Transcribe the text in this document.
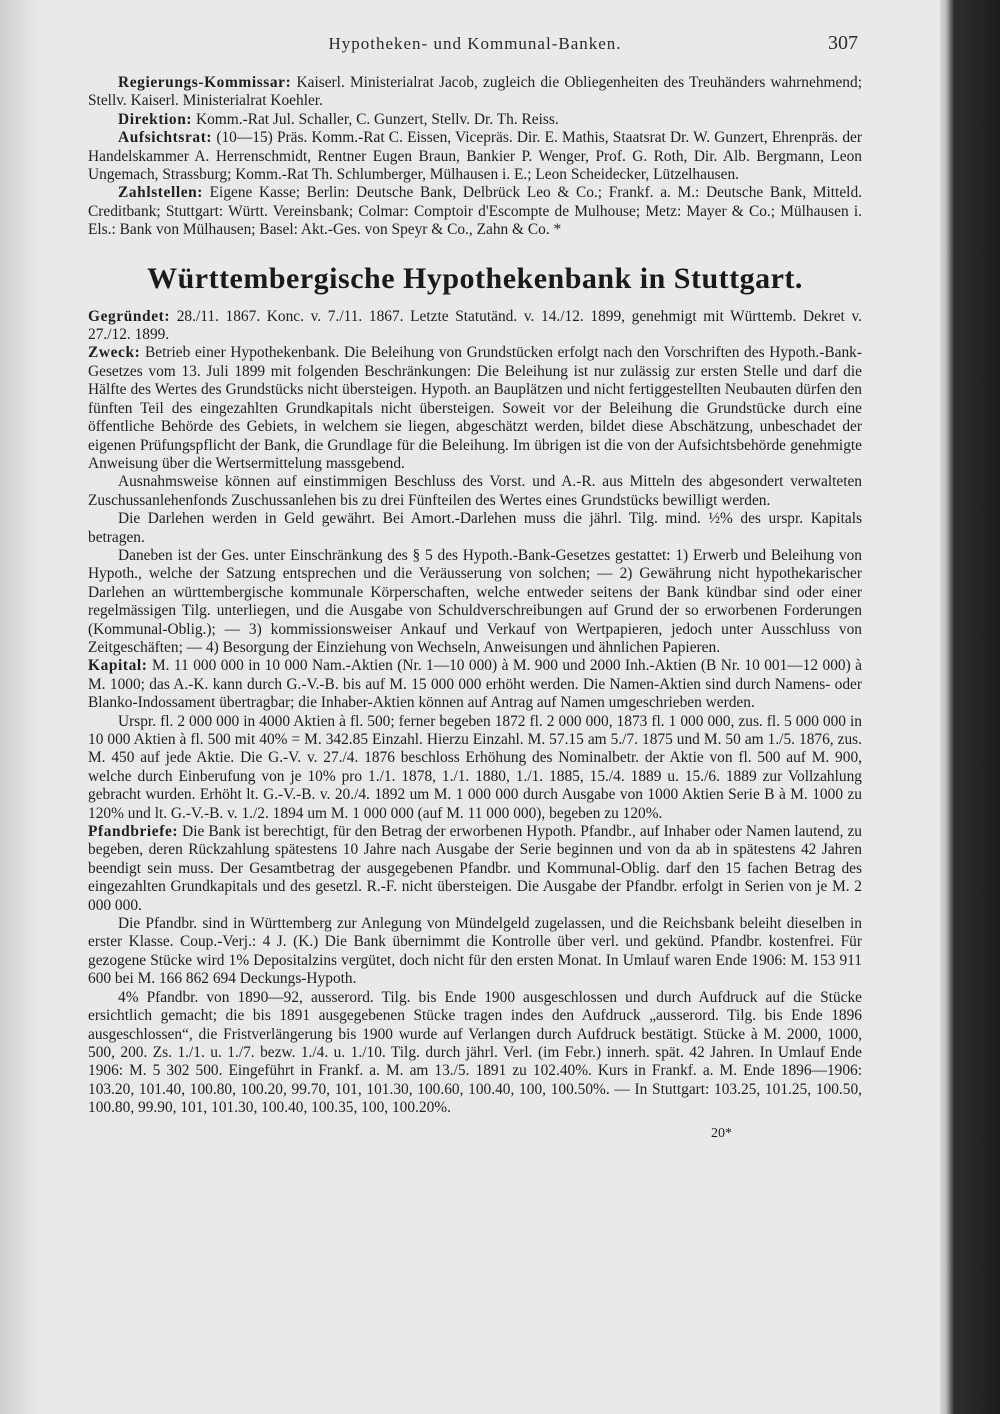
Hypotheken- und Kommunal-Banken.	307

Regierungs-Kommissar: Kaiserl. Ministerialrat Jacob, zugleich die Obliegenheiten des Treuhänders wahrnehmend; Stellv. Kaiserl. Ministerialrat Koehler.

Direktion: Komm.-Rat Jul. Schaller, C. Gunzert, Stellv. Dr. Th. Reiss.

Aufsichtsrat: (10—15) Präs. Komm.-Rat C. Eissen, Vicepräs. Dir. E. Mathis, Staatsrat Dr. W. Gunzert, Ehrenpräs. der Handelskammer A. Herrenschmidt, Rentner Eugen Braun, Bankier P. Wenger, Prof. G. Roth, Dir. Alb. Bergmann, Leon Ungemach, Strassburg; Komm.-Rat Th. Schlumberger, Mülhausen i. E.; Leon Scheidecker, Lützelhausen.

Zahlstellen: Eigene Kasse; Berlin: Deutsche Bank, Delbrück Leo & Co.; Frankf. a. M.: Deutsche Bank, Mitteld. Creditbank; Stuttgart: Württ. Vereinsbank; Colmar: Comptoir d'Escompte de Mulhouse; Metz: Mayer & Co.; Mülhausen i. Els.: Bank von Mülhausen; Basel: Akt.-Ges. von Speyr & Co., Zahn & Co. *

Württembergische Hypothekenbank in Stuttgart.

Gegründet: 28./11. 1867. Konc. v. 7./11. 1867. Letzte Statutänd. v. 14./12. 1899, genehmigt mit Württemb. Dekret v. 27./12. 1899.

Zweck: Betrieb einer Hypothekenbank. Die Beleihung von Grundstücken erfolgt nach den Vorschriften des Hypoth.-Bank-Gesetzes vom 13. Juli 1899 mit folgenden Beschränkungen: Die Beleihung ist nur zulässig zur ersten Stelle und darf die Hälfte des Wertes des Grundstücks nicht übersteigen. Hypoth. an Bauplätzen und nicht fertiggestellten Neubauten dürfen den fünften Teil des eingezahlten Grundkapitals nicht übersteigen. Soweit vor der Beleihung die Grundstücke durch eine öffentliche Behörde des Gebiets, in welchem sie liegen, abgeschätzt werden, bildet diese Abschätzung, unbeschadet der eigenen Prüfungspflicht der Bank, die Grundlage für die Beleihung. Im übrigen ist die von der Aufsichtsbehörde genehmigte Anweisung über die Wertsermittelung massgebend.

Ausnahmsweise können auf einstimmigen Beschluss des Vorst. und A.-R. aus Mitteln des abgesondert verwalteten Zuschussanlehenfonds Zuschussanlehen bis zu drei Fünfteilen des Wertes eines Grundstücks bewilligt werden.

Die Darlehen werden in Geld gewährt. Bei Amort.-Darlehen muss die jährl. Tilg. mind. ½% des urspr. Kapitals betragen.

Daneben ist der Ges. unter Einschränkung des § 5 des Hypoth.-Bank-Gesetzes gestattet: 1) Erwerb und Beleihung von Hypoth., welche der Satzung entsprechen und die Veräusserung von solchen; — 2) Gewährung nicht hypothekarischer Darlehen an württembergische kommunale Körperschaften, welche entweder seitens der Bank kündbar sind oder einer regelmässigen Tilg. unterliegen, und die Ausgabe von Schuldverschreibungen auf Grund der so erworbenen Forderungen (Kommunal-Oblig.); — 3) kommissionsweiser Ankauf und Verkauf von Wertpapieren, jedoch unter Ausschluss von Zeitgeschäften; — 4) Besorgung der Einziehung von Wechseln, Anweisungen und ähnlichen Papieren.

Kapital: M. 11 000 000 in 10 000 Nam.-Aktien (Nr. 1—10 000) à M. 900 und 2000 Inh.-Aktien (B Nr. 10 001—12 000) à M. 1000; das A.-K. kann durch G.-V.-B. bis auf M. 15 000 000 erhöht werden. Die Namen-Aktien sind durch Namens- oder Blanko-Indossament übertragbar; die Inhaber-Aktien können auf Antrag auf Namen umgeschrieben werden.

Urspr. fl. 2 000 000 in 4000 Aktien à fl. 500; ferner begeben 1872 fl. 2 000 000, 1873 fl. 1 000 000, zus. fl. 5 000 000 in 10 000 Aktien à fl. 500 mit 40% = M. 342.85 Einzahl. Hierzu Einzahl. M. 57.15 am 5./7. 1875 und M. 50 am 1./5. 1876, zus. M. 450 auf jede Aktie. Die G.-V. v. 27./4. 1876 beschloss Erhöhung des Nominalbetr. der Aktie von fl. 500 auf M. 900, welche durch Einberufung von je 10% pro 1./1. 1878, 1./1. 1880, 1./1. 1885, 15./4. 1889 u. 15./6. 1889 zur Vollzahlung gebracht wurden. Erhöht lt. G.-V.-B. v. 20./4. 1892 um M. 1 000 000 durch Ausgabe von 1000 Aktien Serie B à M. 1000 zu 120% und lt. G.-V.-B. v. 1./2. 1894 um M. 1 000 000 (auf M. 11 000 000), begeben zu 120%.

Pfandbriefe: Die Bank ist berechtigt, für den Betrag der erworbenen Hypoth. Pfandbr., auf Inhaber oder Namen lautend, zu begeben, deren Rückzahlung spätestens 10 Jahre nach Ausgabe der Serie beginnen und von da ab in spätestens 42 Jahren beendigt sein muss. Der Gesamtbetrag der ausgegebenen Pfandbr. und Kommunal-Oblig. darf den 15 fachen Betrag des eingezahlten Grundkapitals und des gesetzl. R.-F. nicht übersteigen. Die Ausgabe der Pfandbr. erfolgt in Serien von je M. 2 000 000.

Die Pfandbr. sind in Württemberg zur Anlegung von Mündelgeld zugelassen, und die Reichsbank beleiht dieselben in erster Klasse. Coup.-Verj.: 4 J. (K.) Die Bank übernimmt die Kontrolle über verl. und gekünd. Pfandbr. kostenfrei. Für gezogene Stücke wird 1% Depositalzins vergütet, doch nicht für den ersten Monat. In Umlauf waren Ende 1906: M. 153 911 600 bei M. 166 862 694 Deckungs-Hypoth.

4% Pfandbr. von 1890—92, ausserord. Tilg. bis Ende 1900 ausgeschlossen und durch Aufdruck auf die Stücke ersichtlich gemacht; die bis 1891 ausgegebenen Stücke tragen indes den Aufdruck „ausserord. Tilg. bis Ende 1896 ausgeschlossen“, die Fristverlängerung bis 1900 wurde auf Verlangen durch Aufdruck bestätigt. Stücke à M. 2000, 1000, 500, 200. Zs. 1./1. u. 1./7. bezw. 1./4. u. 1./10. Tilg. durch jährl. Verl. (im Febr.) innerh. spät. 42 Jahren. In Umlauf Ende 1906: M. 5 302 500. Eingeführt in Frankf. a. M. am 13./5. 1891 zu 102.40%. Kurs in Frankf. a. M. Ende 1896—1906: 103.20, 101.40, 100.80, 100.20, 99.70, 101, 101.30, 100.60, 100.40, 100, 100.50%. — In Stuttgart: 103.25, 101.25, 100.50, 100.80, 99.90, 101, 101.30, 100.40, 100.35, 100, 100.20%.

20*
